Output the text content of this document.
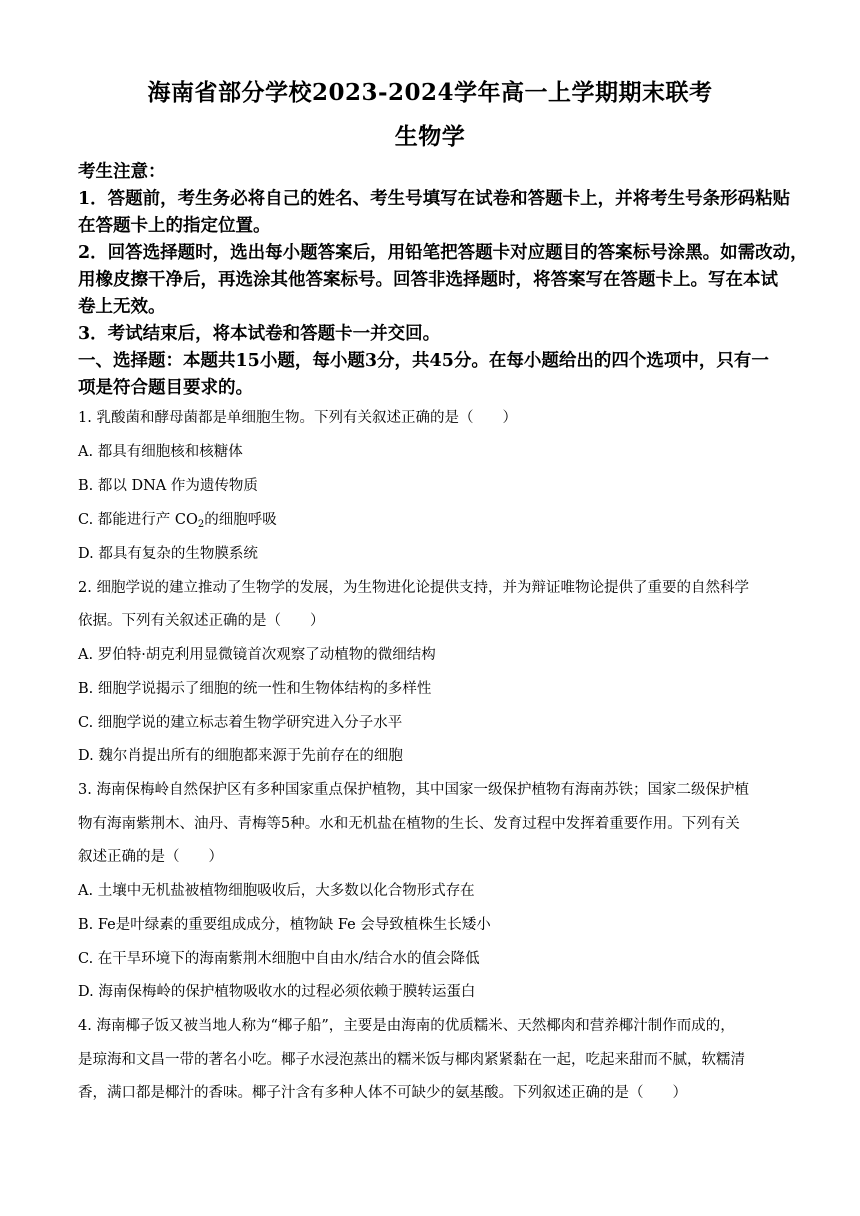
海南省部分学校2023-2024学年高一上学期期末联考
生物学
考生注意：
1．答题前，考生务必将自己的姓名、考生号填写在试卷和答题卡上，并将考生号条形码粘贴
在答题卡上的指定位置。
2．回答选择题时，选出每小题答案后，用铅笔把答题卡对应题目的答案标号涂黑。如需改动，
用橡皮擦干净后，再选涂其他答案标号。回答非选择题时，将答案写在答题卡上。写在本试
卷上无效。
3．考试结束后，将本试卷和答题卡一并交回。
一、选择题：本题共15小题，每小题3分，共45分。在每小题给出的四个选项中，只有一
项是符合题目要求的。
1. 乳酸菌和酵母菌都是单细胞生物。下列有关叙述正确的是（　　）
A. 都具有细胞核和核糖体
B. 都以 DNA 作为遗传物质
C. 都能进行产 $CO_2$的细胞呼吸
D. 都具有复杂的生物膜系统
2. 细胞学说的建立推动了生物学的发展，为生物进化论提供支持，并为辩证唯物论提供了重要的自然科学
依据。下列有关叙述正确的是（　　）
A. 罗伯特·胡克利用显微镜首次观察了动植物的微细结构
B. 细胞学说揭示了细胞的统一性和生物体结构的多样性
C. 细胞学说的建立标志着生物学研究进入分子水平
D. 魏尔肖提出所有的细胞都来源于先前存在的细胞
3. 海南保梅岭自然保护区有多种国家重点保护植物，其中国家一级保护植物有海南苏铁；国家二级保护植
物有海南紫荆木、油丹、青梅等5种。水和无机盐在植物的生长、发育过程中发挥着重要作用。下列有关
叙述正确的是（　　）
A. 土壤中无机盐被植物细胞吸收后，大多数以化合物形式存在
B. Fe是叶绿素的重要组成成分，植物缺 Fe 会导致植株生长矮小
C. 在干旱环境下的海南紫荆木细胞中自由水/结合水的值会降低
D. 海南保梅岭的保护植物吸收水的过程必须依赖于膜转运蛋白
4. 海南椰子饭又被当地人称为“椰子船”，主要是由海南的优质糯米、天然椰肉和营养椰汁制作而成的，
是琼海和文昌一带的著名小吃。椰子水浸泡蒸出的糯米饭与椰肉紧紧黏在一起，吃起来甜而不腻，软糯清
香，满口都是椰汁的香味。椰子汁含有多种人体不可缺少的氨基酸。下列叙述正确的是（　　）
